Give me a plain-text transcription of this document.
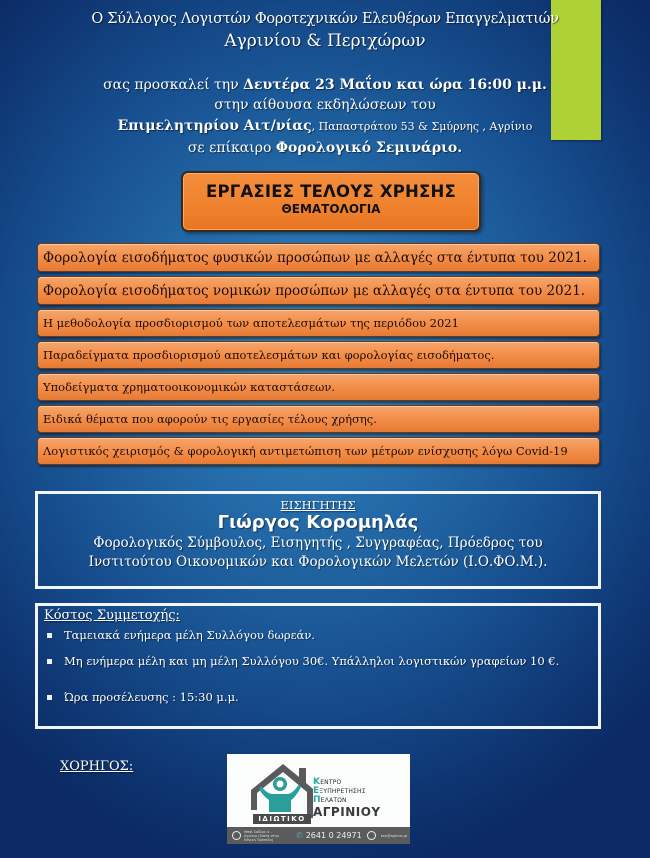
Ο Σύλλογος Λογιστών Φοροτεχνικών Ελευθέρων Επαγγελματιών
Αγρινίου & Περιχώρων
σας προσκαλεί την Δευτέρα 23 Μαΐου και ώρα 16:00 μ.μ.
στην αίθουσα εκδηλώσεων του
Επιμελητηρίου Αιτ/νίας, Παπαστράτου 53 & Σμύρνης , Αγρίνιο
σε επίκαιρο Φορολογικό Σεμινάριο.
ΕΡΓΑΣΙΕΣ ΤΕΛΟΥΣ ΧΡΗΣΗΣ
ΘΕΜΑΤΟΛΟΓΙΑ
Φορολογία εισοδήματος φυσικών προσώπων με αλλαγές στα έντυπα του 2021.
Φορολογία εισοδήματος νομικών προσώπων με αλλαγές στα έντυπα του 2021.
Η μεθοδολογία προσδιορισμού των αποτελεσμάτων της περιόδου 2021
Παραδείγματα προσδιορισμού αποτελεσμάτων και φορολογίας εισοδήματος.
Υποδείγματα χρηματοοικονομικών καταστάσεων.
Ειδικά θέματα που αφορούν τις εργασίες τέλους χρήσης.
Λογιστικός χειρισμός & φορολογική αντιμετώπιση των μέτρων ενίσχυσης λόγω Covid-19
ΕΙΣΗΓΗΤΗΣ
Γιώργος Κορομηλάς
Φορολογικός Σύμβουλος, Εισηγητής , Συγγραφέας, Πρόεδρος του
Ινστιτούτου Οικονομικών και Φορολογικών Μελετών (Ι.Ο.ΦΟ.Μ.).
Κόστος Συμμετοχής:
Ταμειακά ενήμερα μέλη Συλλόγου δωρεάν.
Μη ενήμερα μέλη και μη μέλη Συλλόγου 30€. Υπάλληλοι λογιστικών γραφείων 10 €.
Ώρα προσέλευσης : 15:30 μ.μ.
ΧΟΡΗΓΟΣ:
ΙΔΙΩΤΙΚΟ
ΚΕΝΤΡΟ
ΕΞΥΠΗΡΕΤΗΣΗΣ
ΠΕΛΑΤΩΝ
ΑΓΡΙΝΙΟΥ
Μπαϊ Σαΐδου 4 - Αγρίνιο (δίπλα στην Εθνική Τράπεζα)	✆ 2641 0 24971	kep@agrinio.gr
